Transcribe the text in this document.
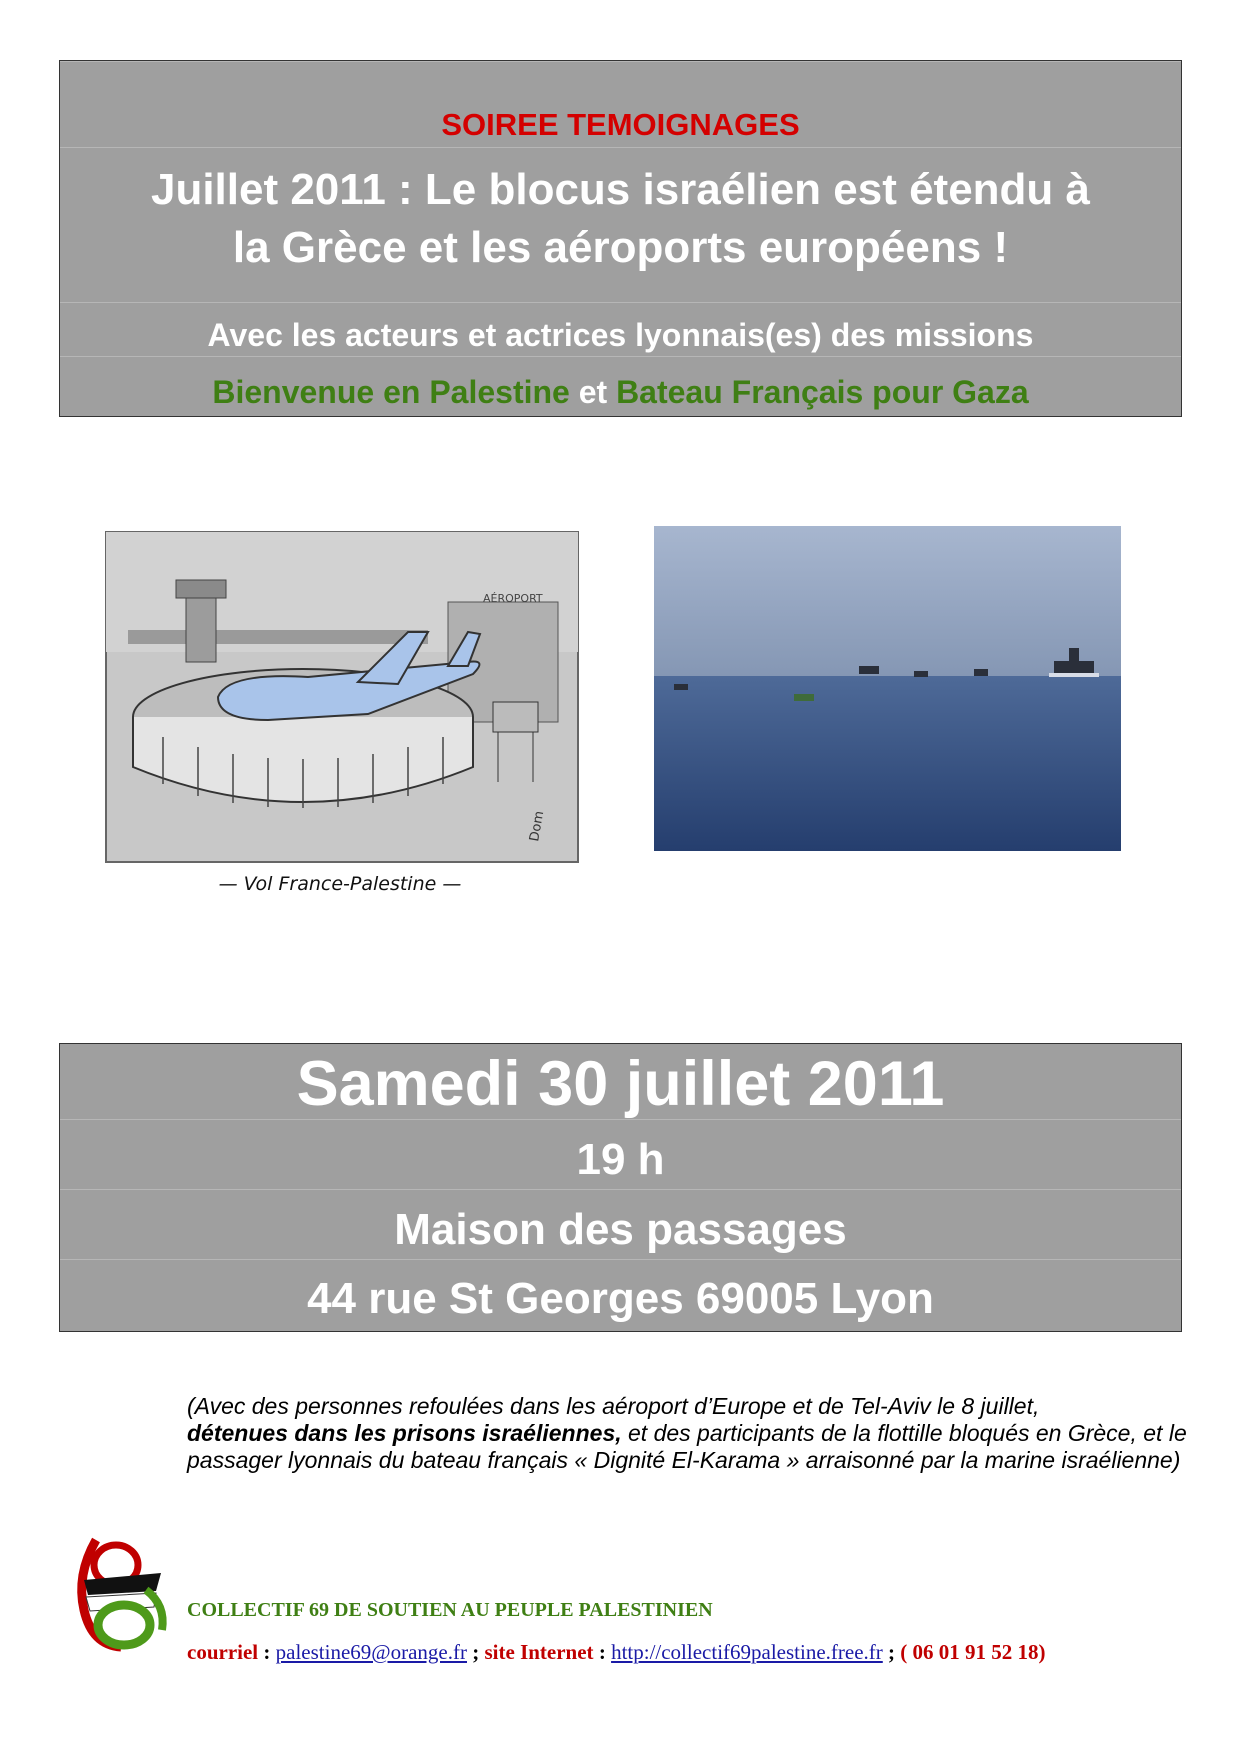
SOIREE TEMOIGNAGES
Juillet 2011 : Le blocus israélien est étendu à
la Grèce et les aéroports européens !
Avec les acteurs et actrices lyonnais(es) des missions
Bienvenue en Palestine et Bateau Français pour Gaza
AÉROPORT
Dom
— Vol France-Palestine —
Samedi 30 juillet 2011
19 h
Maison des passages
44 rue St Georges 69005 Lyon
(Avec des personnes refoulées dans les aéroport d’Europe et de Tel-Aviv le 8 juillet,
détenues dans les prisons israéliennes, et des participants de la flottille bloqués en Grèce, et le passager lyonnais du bateau français « Dignité El-Karama » arraisonné par la marine israélienne)
COLLECTIF 69 DE SOUTIEN AU PEUPLE PALESTINIEN
courriel : palestine69@orange.fr ; site Internet : http://collectif69palestine.free.fr ; ( 06 01 91 52 18)
